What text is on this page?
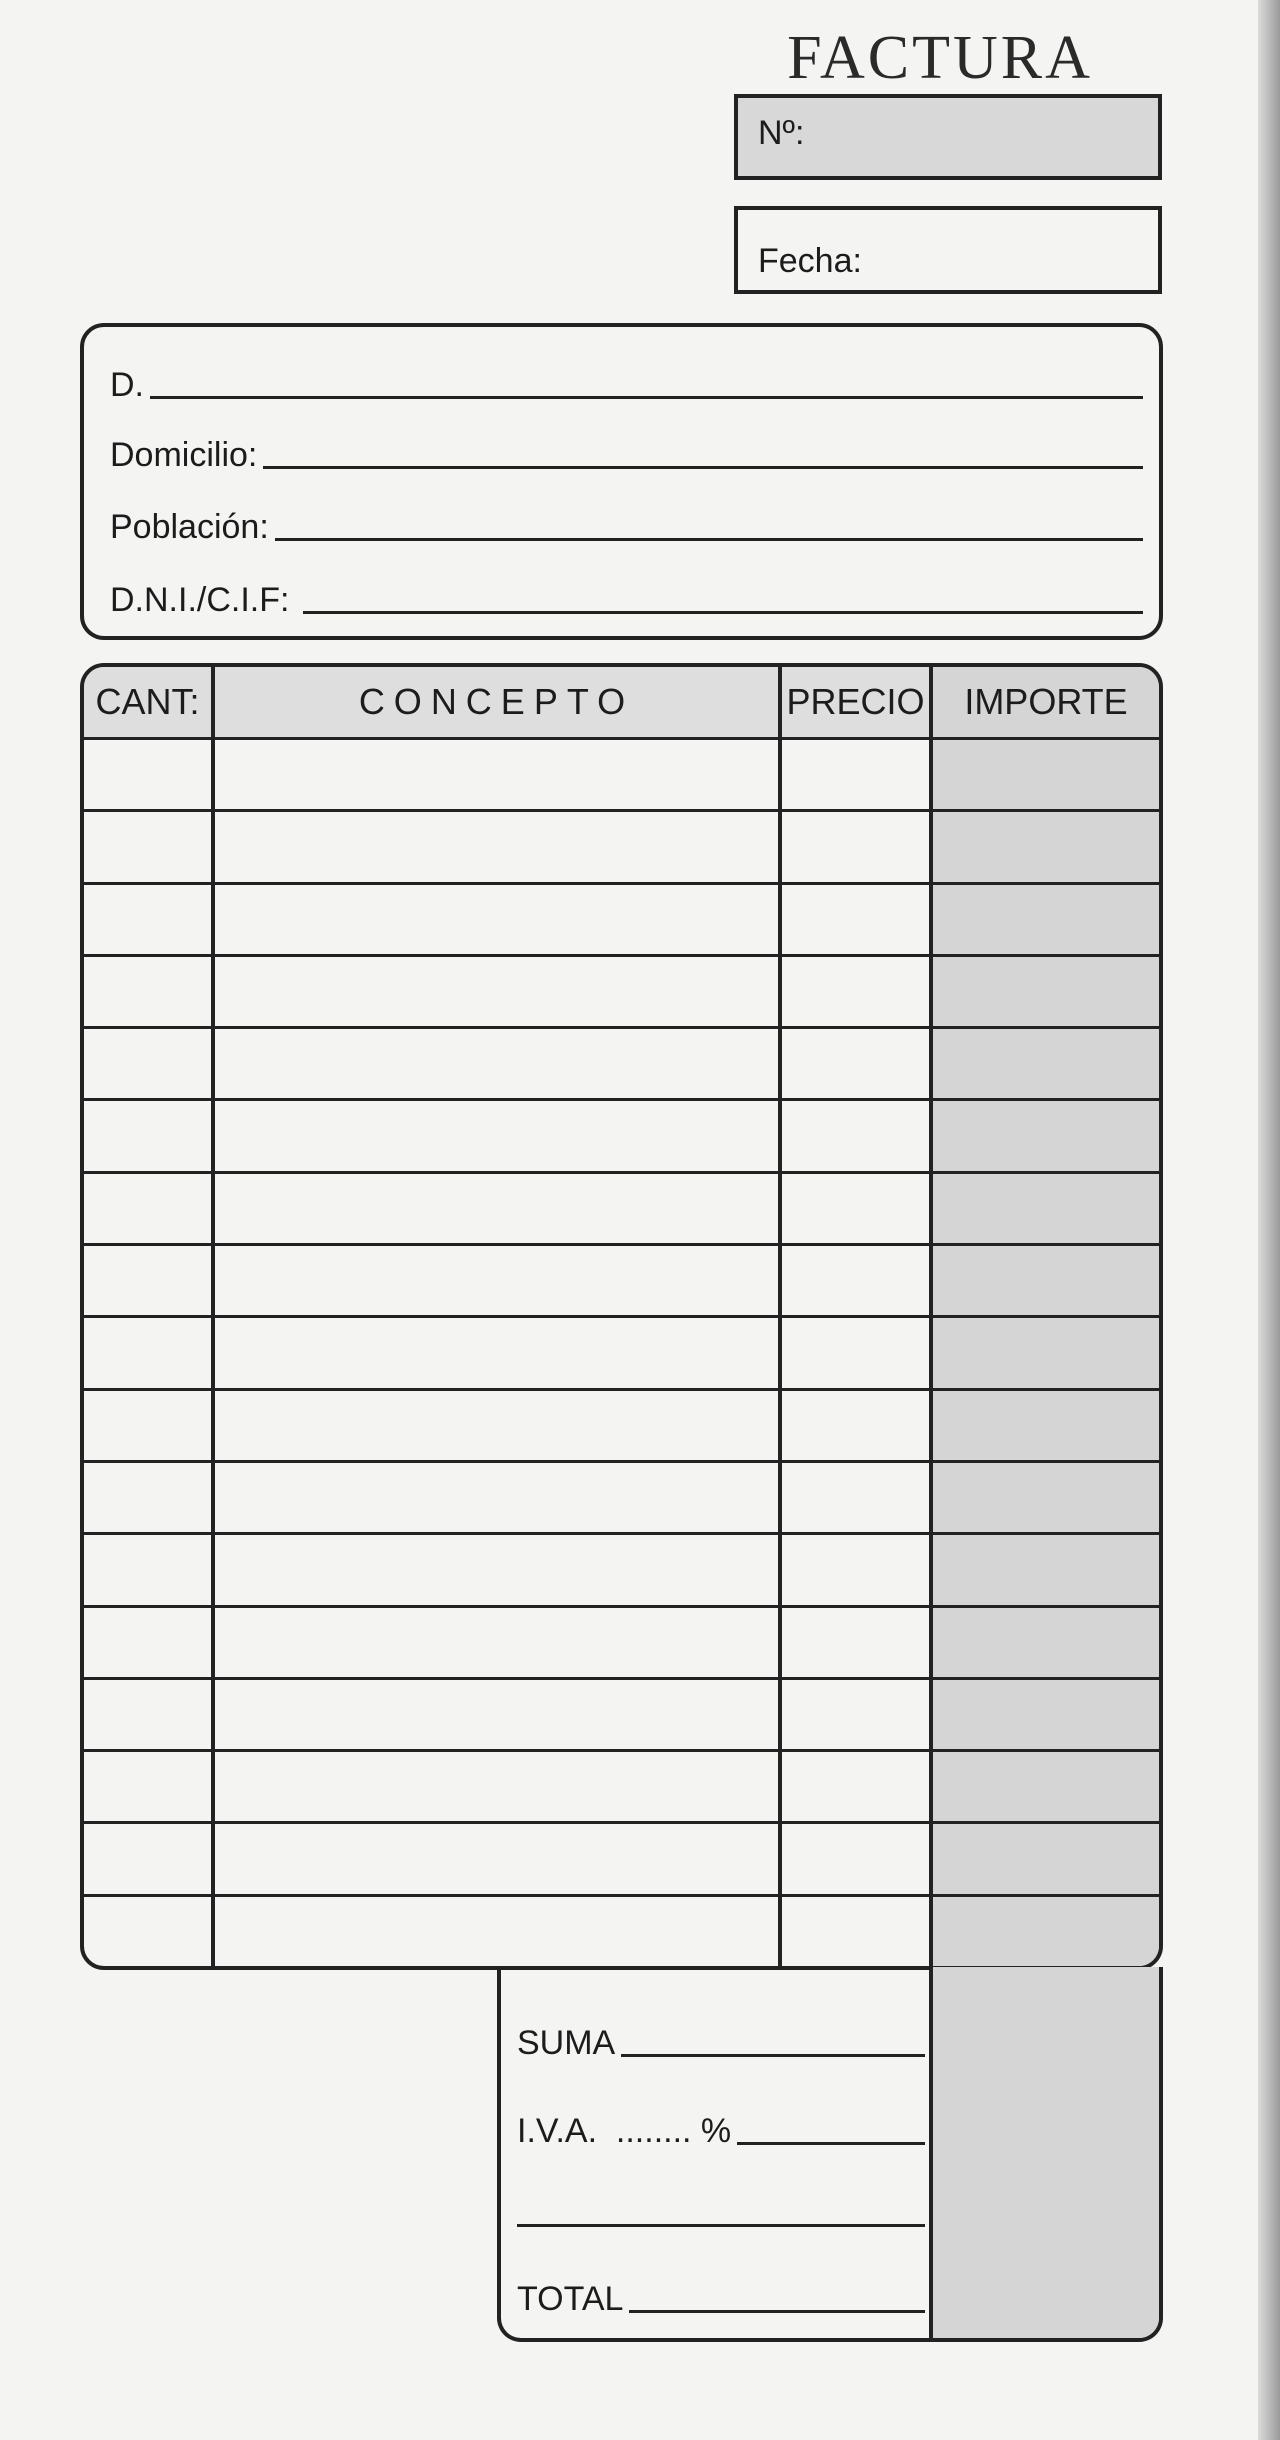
FACTURA
Nº:
Fecha:
D.
Domicilio:
Población:
D.N.I./C.I.F:
CANT:	CONCEPTO	PRECIO	IMPORTE
SUMA
I.V.A.  ........ %
TOTAL
